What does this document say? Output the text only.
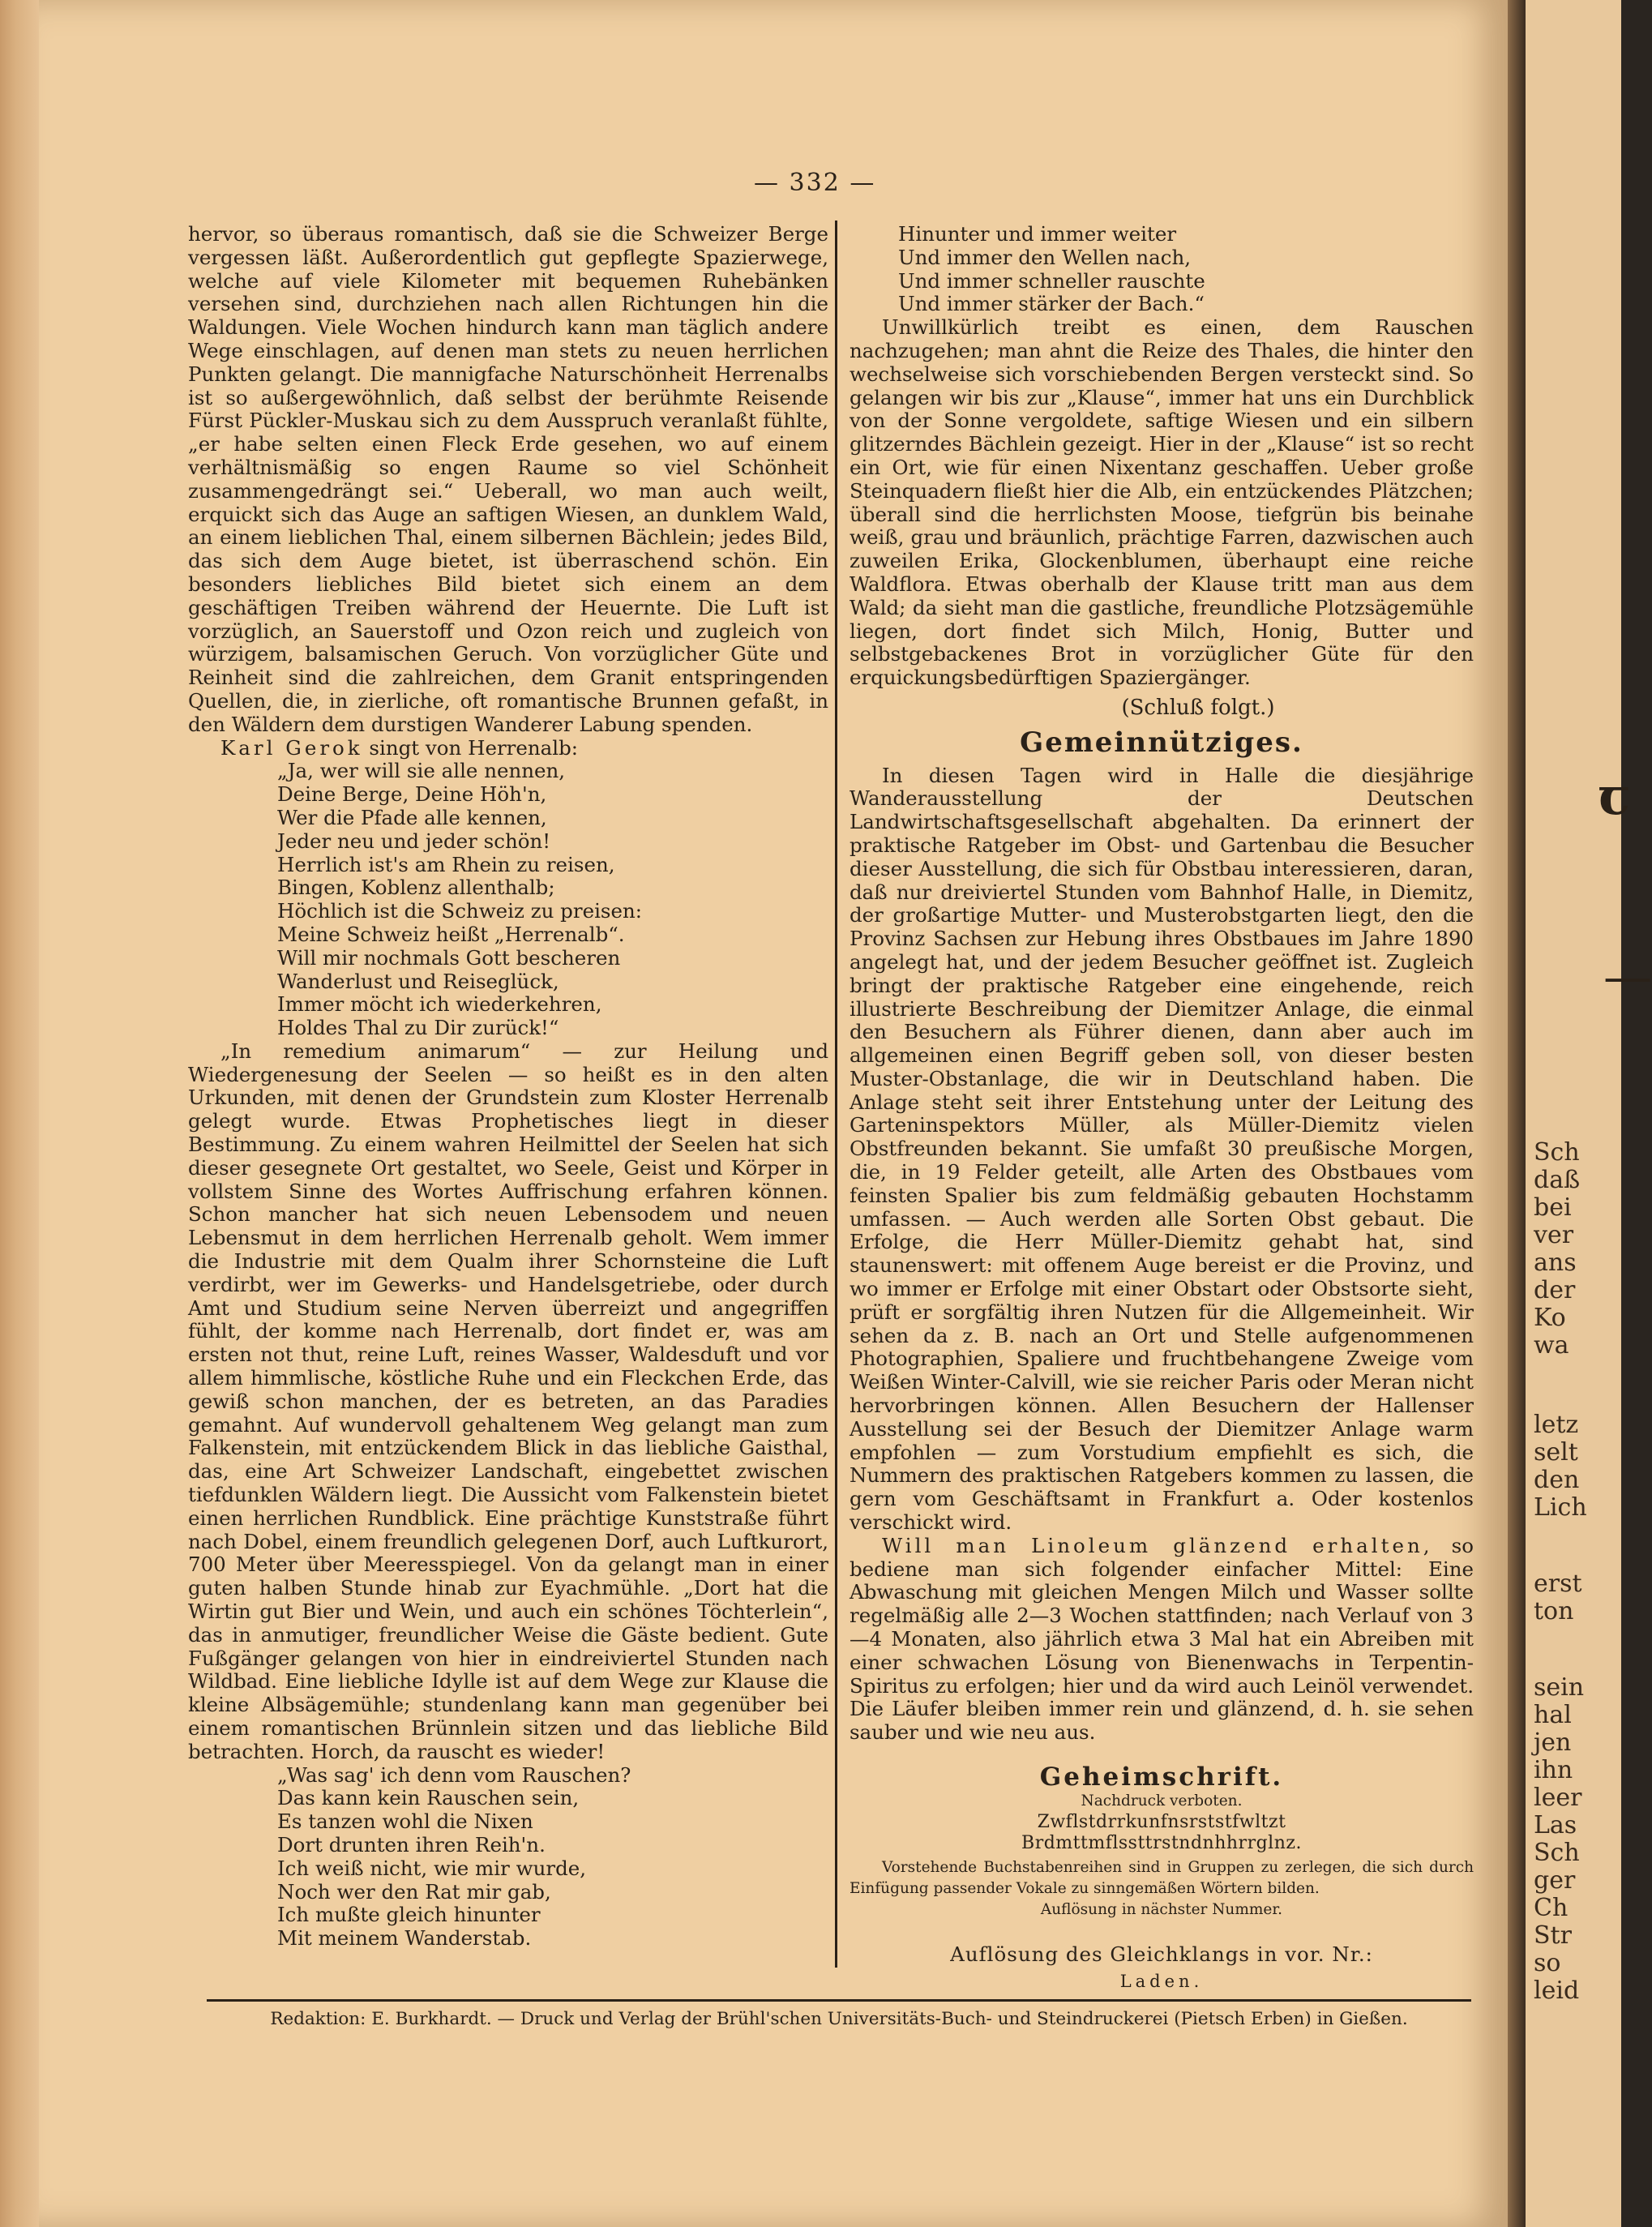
ꞇ
—
Sch
daß
bei
ver
ans
der
Ko
wa
letz
selt
den
Lich
erst
ton
sein
hal
jen
ihn
leer
Las
Sch
ger
Ch
Str
so
leid
— 332 —

hervor, so überaus romantisch, daß sie die Schweizer Berge vergessen läßt. Außerordentlich gut gepflegte Spazierwege, welche auf viele Kilometer mit bequemen Ruhebänken versehen sind, durchziehen nach allen Richtungen hin die Waldungen. Viele Wochen hindurch kann man täglich andere Wege einschlagen, auf denen man stets zu neuen herrlichen Punkten gelangt. Die mannigfache Naturschönheit Herrenalbs ist so außergewöhnlich, daß selbst der berühmte Reisende Fürst Pückler-Muskau sich zu dem Ausspruch veranlaßt fühlte, „er habe selten einen Fleck Erde gesehen, wo auf einem verhältnismäßig so engen Raume so viel Schönheit zusammengedrängt sei.“ Ueberall, wo man auch weilt, erquickt sich das Auge an saftigen Wiesen, an dunklem Wald, an einem lieblichen Thal, einem silbernen Bächlein; jedes Bild, das sich dem Auge bietet, ist überraschend schön. Ein besonders liebliches Bild bietet sich einem an dem geschäftigen Treiben während der Heuernte. Die Luft ist vorzüglich, an Sauerstoff und Ozon reich und zugleich von würzigem, balsamischen Geruch. Von vorzüglicher Güte und Reinheit sind die zahlreichen, dem Granit entspringenden Quellen, die, in zierliche, oft romantische Brunnen gefaßt, in den Wäldern dem durstigen Wanderer Labung spenden.

Karl Gerok singt von Herrenalb:

„Ja, wer will sie alle nennen,
Deine Berge, Deine Höh'n,
Wer die Pfade alle kennen,
Jeder neu und jeder schön!
Herrlich ist's am Rhein zu reisen,
Bingen, Koblenz allenthalb;
Höchlich ist die Schweiz zu preisen:
Meine Schweiz heißt „Herrenalb“.
Will mir nochmals Gott bescheren
Wanderlust und Reiseglück,
Immer möcht ich wiederkehren,
Holdes Thal zu Dir zurück!“

„In remedium animarum“ — zur Heilung und Wiedergenesung der Seelen — so heißt es in den alten Urkunden, mit denen der Grundstein zum Kloster Herrenalb gelegt wurde. Etwas Prophetisches liegt in dieser Bestimmung. Zu einem wahren Heilmittel der Seelen hat sich dieser gesegnete Ort gestaltet, wo Seele, Geist und Körper in vollstem Sinne des Wortes Auffrischung erfahren können. Schon mancher hat sich neuen Lebensodem und neuen Lebensmut in dem herrlichen Herrenalb geholt. Wem immer die Industrie mit dem Qualm ihrer Schornsteine die Luft verdirbt, wer im Gewerks- und Handelsgetriebe, oder durch Amt und Studium seine Nerven überreizt und angegriffen fühlt, der komme nach Herrenalb, dort findet er, was am ersten not thut, reine Luft, reines Wasser, Waldesduft und vor allem himmlische, köstliche Ruhe und ein Fleckchen Erde, das gewiß schon manchen, der es betreten, an das Paradies gemahnt. Auf wundervoll gehaltenem Weg gelangt man zum Falkenstein, mit entzückendem Blick in das liebliche Gaisthal, das, eine Art Schweizer Landschaft, eingebettet zwischen tiefdunklen Wäldern liegt. Die Aussicht vom Falkenstein bietet einen herrlichen Rundblick. Eine prächtige Kunststraße führt nach Dobel, einem freundlich gelegenen Dorf, auch Luftkurort, 700 Meter über Meeresspiegel. Von da gelangt man in einer guten halben Stunde hinab zur Eyachmühle. „Dort hat die Wirtin gut Bier und Wein, und auch ein schönes Töchterlein“, das in anmutiger, freundlicher Weise die Gäste bedient. Gute Fußgänger gelangen von hier in eindreiviertel Stunden nach Wildbad. Eine liebliche Idylle ist auf dem Wege zur Klause die kleine Albsägemühle; stundenlang kann man gegenüber bei einem romantischen Brünnlein sitzen und das liebliche Bild betrachten. Horch, da rauscht es wieder!

„Was sag' ich denn vom Rauschen?
Das kann kein Rauschen sein,
Es tanzen wohl die Nixen
Dort drunten ihren Reih'n.
Ich weiß nicht, wie mir wurde,
Noch wer den Rat mir gab,
Ich mußte gleich hinunter
Mit meinem Wanderstab.
Hinunter und immer weiter
Und immer den Wellen nach,
Und immer schneller rauschte
Und immer stärker der Bach.“

Unwillkürlich treibt es einen, dem Rauschen nachzugehen; man ahnt die Reize des Thales, die hinter den wechselweise sich vorschiebenden Bergen versteckt sind. So gelangen wir bis zur „Klause“, immer hat uns ein Durchblick von der Sonne vergoldete, saftige Wiesen und ein silbern glitzerndes Bächlein gezeigt. Hier in der „Klause“ ist so recht ein Ort, wie für einen Nixentanz geschaffen. Ueber große Steinquadern fließt hier die Alb, ein entzückendes Plätzchen; überall sind die herrlichsten Moose, tiefgrün bis beinahe weiß, grau und bräunlich, prächtige Farren, dazwischen auch zuweilen Erika, Glockenblumen, überhaupt eine reiche Waldflora. Etwas oberhalb der Klause tritt man aus dem Wald; da sieht man die gastliche, freundliche Plotzsägemühle liegen, dort findet sich Milch, Honig, Butter und selbstgebackenes Brot in vorzüglicher Güte für den erquickungsbedürftigen Spaziergänger.

(Schluß folgt.)

Gemeinnütziges.

In diesen Tagen wird in Halle die diesjährige Wanderausstellung der Deutschen Landwirtschaftsgesellschaft abgehalten. Da erinnert der praktische Ratgeber im Obst- und Gartenbau die Besucher dieser Ausstellung, die sich für Obstbau interessieren, daran, daß nur dreiviertel Stunden vom Bahnhof Halle, in Diemitz, der großartige Mutter- und Musterobstgarten liegt, den die Provinz Sachsen zur Hebung ihres Obstbaues im Jahre 1890 angelegt hat, und der jedem Besucher geöffnet ist. Zugleich bringt der praktische Ratgeber eine eingehende, reich illustrierte Beschreibung der Diemitzer Anlage, die einmal den Besuchern als Führer dienen, dann aber auch im allgemeinen einen Begriff geben soll, von dieser besten Muster-Obstanlage, die wir in Deutschland haben. Die Anlage steht seit ihrer Entstehung unter der Leitung des Garteninspektors Müller, als Müller-Diemitz vielen Obstfreunden bekannt. Sie umfaßt 30 preußische Morgen, die, in 19 Felder geteilt, alle Arten des Obstbaues vom feinsten Spalier bis zum feldmäßig gebauten Hochstamm umfassen. — Auch werden alle Sorten Obst gebaut. Die Erfolge, die Herr Müller-Diemitz gehabt hat, sind staunenswert: mit offenem Auge bereist er die Provinz, und wo immer er Erfolge mit einer Obstart oder Obstsorte sieht, prüft er sorgfältig ihren Nutzen für die Allgemeinheit. Wir sehen da z. B. nach an Ort und Stelle aufgenommenen Photographien, Spaliere und fruchtbehangene Zweige vom Weißen Winter-Calvill, wie sie reicher Paris oder Meran nicht hervorbringen können. Allen Besuchern der Hallenser Ausstellung sei der Besuch der Diemitzer Anlage warm empfohlen — zum Vorstudium empfiehlt es sich, die Nummern des praktischen Ratgebers kommen zu lassen, die gern vom Geschäftsamt in Frankfurt a. Oder kostenlos verschickt wird.

Will man Linoleum glänzend erhalten, so bediene man sich folgender einfacher Mittel: Eine Abwaschung mit gleichen Mengen Milch und Wasser sollte regelmäßig alle 2—3 Wochen stattfinden; nach Verlauf von 3—4 Monaten, also jährlich etwa 3 Mal hat ein Abreiben mit einer schwachen Lösung von Bienenwachs in Terpentin-Spiritus zu erfolgen; hier und da wird auch Leinöl verwendet. Die Läufer bleiben immer rein und glänzend, d. h. sie sehen sauber und wie neu aus.

Geheimschrift.

Nachdruck verboten.

Zwflstdrrkunfnsrststfwltzt

Brdmttmflssttrstndnhhrrglnz.

Vorstehende Buchstabenreihen sind in Gruppen zu zerlegen, die sich durch Einfügung passender Vokale zu sinngemäßen Wörtern bilden.

Auflösung in nächster Nummer.

Auflösung des Gleichklangs in vor. Nr.:

Laden.

Redaktion: E. Burkhardt. — Druck und Verlag der Brühl'schen Universitäts-Buch- und Steindruckerei (Pietsch Erben) in Gießen.
